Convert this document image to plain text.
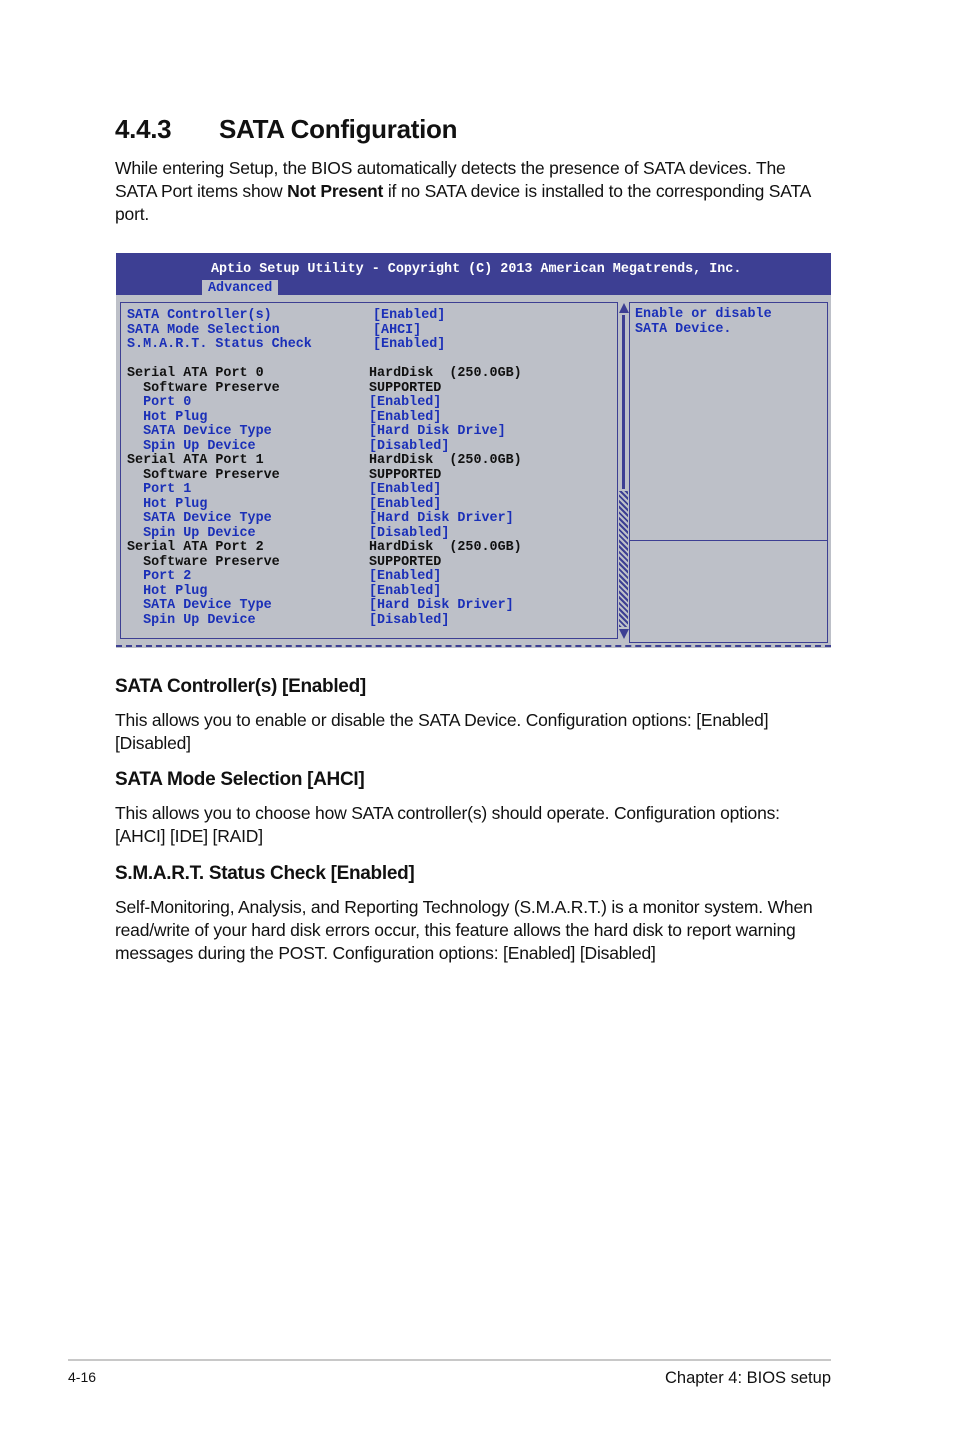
4.4.3 SATA Configuration

While entering Setup, the BIOS automatically detects the presence of SATA devices. The SATA Port items show Not Present if no SATA device is installed to the corresponding SATA port.

Aptio Setup Utility - Copyright (C) 2013 American Megatrends, Inc.
Advanced
SATA Controller(s)	[Enabled]
SATA Mode Selection	[AHCI]
S.M.A.R.T. Status Check	[Enabled]
Serial ATA Port 0	HardDisk  (250.0GB)
Software Preserve	SUPPORTED
Port 0	[Enabled]
Hot Plug	[Enabled]
SATA Device Type	[Hard Disk Drive]
Spin Up Device	[Disabled]
Serial ATA Port 1	HardDisk  (250.0GB)
Software Preserve	SUPPORTED
Port 1	[Enabled]
Hot Plug	[Enabled]
SATA Device Type	[Hard Disk Driver]
Spin Up Device	[Disabled]
Serial ATA Port 2	HardDisk  (250.0GB)
Software Preserve	SUPPORTED
Port 2	[Enabled]
Hot Plug	[Enabled]
SATA Device Type	[Hard Disk Driver]
Spin Up Device	[Disabled]
Enable or disable
SATA Device.
SATA Controller(s) [Enabled]

This allows you to enable or disable the SATA Device. Configuration options: [Enabled] [Disabled]

SATA Mode Selection [AHCI]

This allows you to choose how SATA controller(s) should operate. Configuration options: [AHCI] [IDE] [RAID]

S.M.A.R.T. Status Check [Enabled]

Self-Monitoring, Analysis, and Reporting Technology (S.M.A.R.T.) is a monitor system. When read/write of your hard disk errors occur, this feature allows the hard disk to report warning messages during the POST. Configuration options: [Enabled] [Disabled]

4-16	Chapter 4: BIOS setup
